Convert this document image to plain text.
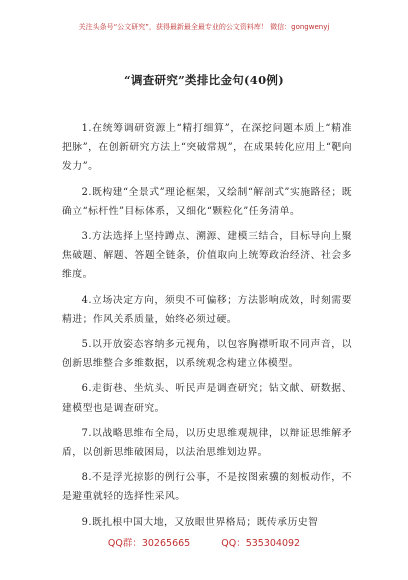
关注头条号“公文研究”，获得最新最全最专业的公文资料库！ 微信：gongwenyj
“调查研究”类排比金句(40例)

1.在统筹调研资源上“精打细算”，在深挖问题本质上“精准把脉”，在创新研究方法上“突破常规”，在成果转化应用上“靶向发力”。

2.既构建“全景式”理论框架，又绘制“解剖式”实施路径；既确立“标杆性”目标体系，又细化“颗粒化”任务清单。

3.方法选择上坚持蹲点、溯源、建模三结合，目标导向上聚焦破题、解题、答题全链条，价值取向上统筹政治经济、社会多维度。

4.立场决定方向，须臾不可偏移；方法影响成效，时刻需要精进；作风关系质量，始终必须过硬。

5.以开放姿态容纳多元视角，以包容胸襟听取不同声音，以创新思维整合多维数据，以系统观念构建立体模型。

6.走街巷、坐炕头、听民声是调查研究；钻文献、研数据、建模型也是调查研究。

7.以战略思维布全局，以历史思维观规律，以辩证思维解矛盾，以创新思维破困局，以法治思维划边界。

8.不是浮光掠影的例行公事，不是按图索骥的刻板动作，不是避重就轻的选择性采风。

9.既扎根中国大地，又放眼世界格局；既传承历史智

QQ群：30265665	QQ：535304092
